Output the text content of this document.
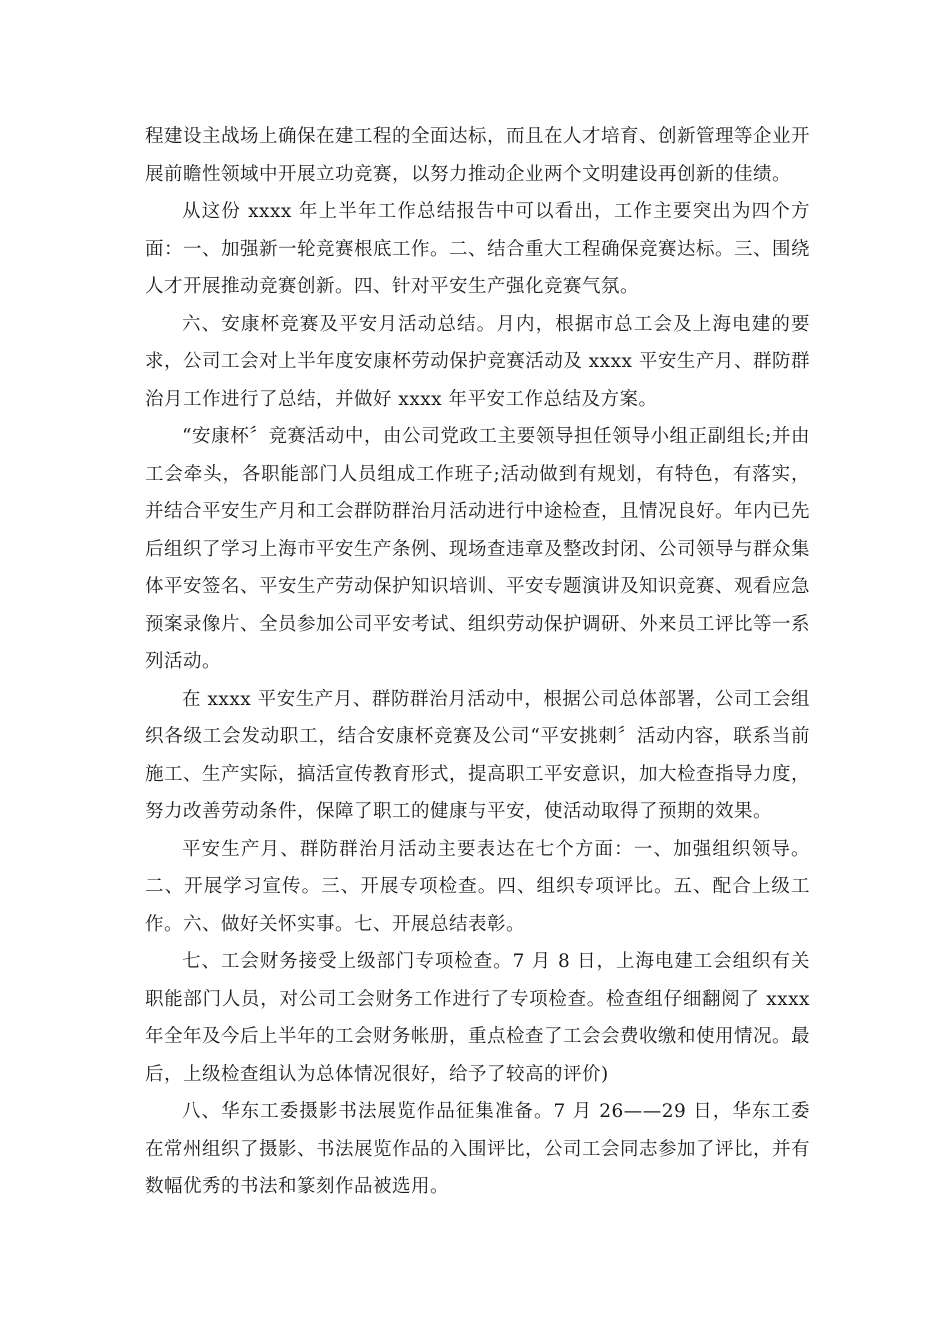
程建设主战场上确保在建工程的全面达标，而且在人才培育、创新管理等企业开展前瞻性领域中开展立功竞赛，以努力推动企业两个文明建设再创新的佳绩。

从这份 xxxx 年上半年工作总结报告中可以看出，工作主要突出为四个方面：一、加强新一轮竞赛根底工作。二、结合重大工程确保竞赛达标。三、围绕人才开展推动竞赛创新。四、针对平安生产强化竞赛气氛。

六、安康杯竞赛及平安月活动总结。月内，根据市总工会及上海电建的要求，公司工会对上半年度安康杯劳动保护竞赛活动及 xxxx 平安生产月、群防群治月工作进行了总结，并做好 xxxx 年平安工作总结及方案。

“安康杯〞竞赛活动中，由公司党政工主要领导担任领导小组正副组长;并由工会牵头，各职能部门人员组成工作班子;活动做到有规划，有特色，有落实，并结合平安生产月和工会群防群治月活动进行中途检查，且情况良好。年内已先后组织了学习上海市平安生产条例、现场查违章及整改封闭、公司领导与群众集体平安签名、平安生产劳动保护知识培训、平安专题演讲及知识竞赛、观看应急预案录像片、全员参加公司平安考试、组织劳动保护调研、外来员工评比等一系列活动。

在 xxxx 平安生产月、群防群治月活动中，根据公司总体部署，公司工会组织各级工会发动职工，结合安康杯竞赛及公司“平安挑刺〞活动内容，联系当前施工、生产实际，搞活宣传教育形式，提高职工平安意识，加大检查指导力度，努力改善劳动条件，保障了职工的健康与平安，使活动取得了预期的效果。

平安生产月、群防群治月活动主要表达在七个方面：一、加强组织领导。二、开展学习宣传。三、开展专项检查。四、组织专项评比。五、配合上级工作。六、做好关怀实事。七、开展总结表彰。

七、工会财务接受上级部门专项检查。7 月 8 日，上海电建工会组织有关职能部门人员，对公司工会财务工作进行了专项检查。检查组仔细翻阅了 xxxx 年全年及今后上半年的工会财务帐册，重点检查了工会会费收缴和使用情况。最后，上级检查组认为总体情况很好，给予了较高的评价)

八、华东工委摄影书法展览作品征集准备。7 月 26——29 日，华东工委在常州组织了摄影、书法展览作品的入围评比，公司工会同志参加了评比，并有数幅优秀的书法和篆刻作品被选用。
